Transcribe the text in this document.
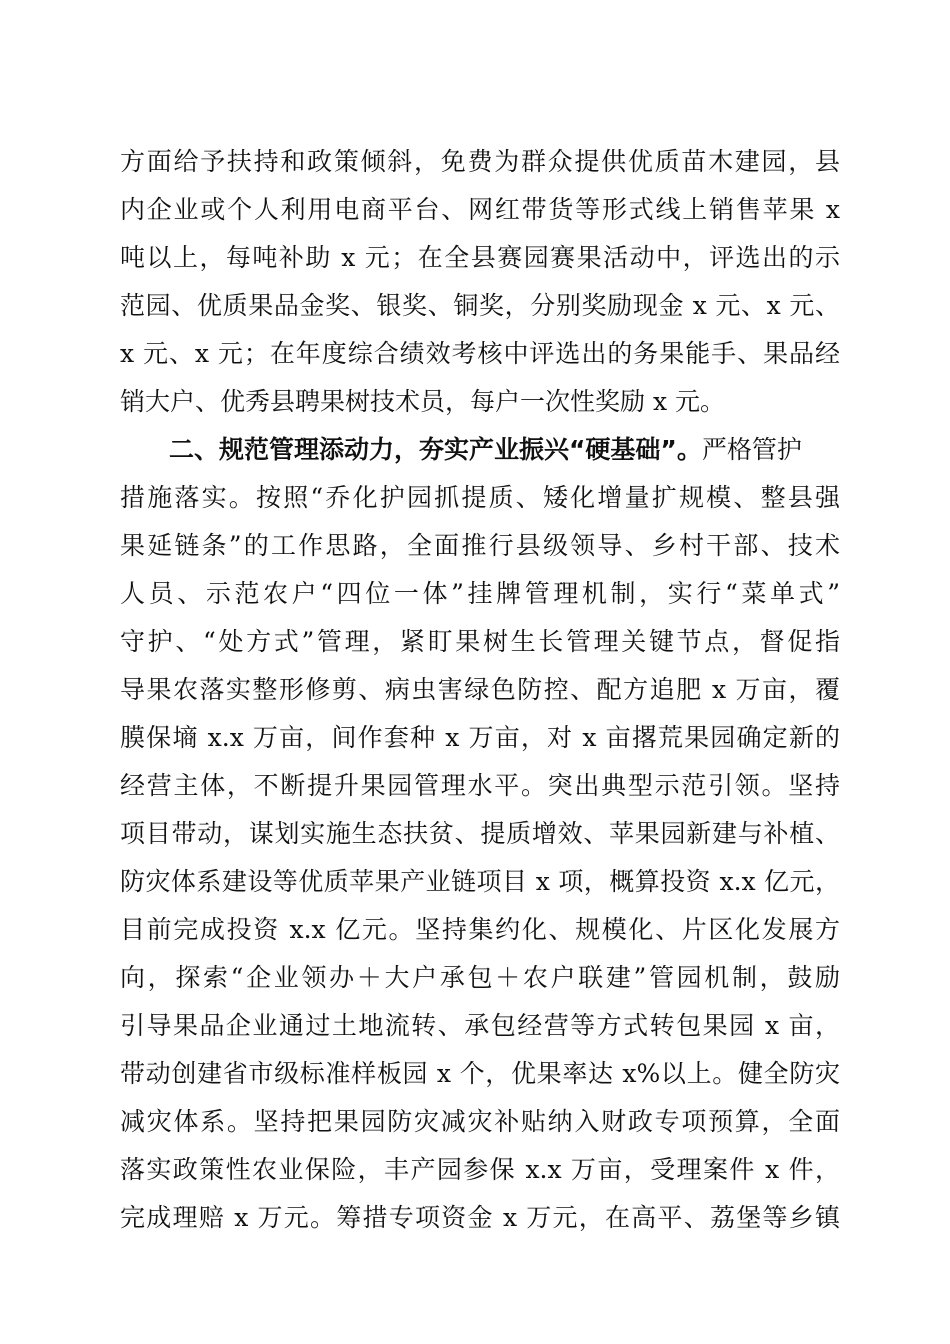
方面给予扶持和政策倾斜，免费为群众提供优质苗木建园，县
内企业或个人利用电商平台、网红带货等形式线上销售苹果 x
吨以上，每吨补助 x 元；在全县赛园赛果活动中，评选出的示
范园、优质果品金奖、银奖、铜奖，分别奖励现金 x 元、x 元、
x 元、x 元；在年度综合绩效考核中评选出的务果能手、果品经
销大户、优秀县聘果树技术员，每户一次性奖励 x 元。
二、规范管理添动力，夯实产业振兴“硬基础”。严格管护
措施落实。按照“乔化护园抓提质、矮化增量扩规模、整县强
果延链条”的工作思路，全面推行县级领导、乡村干部、技术
人员、示范农户“四位一体”挂牌管理机制，实行“菜单式”
守护、“处方式”管理，紧盯果树生长管理关键节点，督促指
导果农落实整形修剪、病虫害绿色防控、配方追肥 x 万亩，覆
膜保墒 x.x 万亩，间作套种 x 万亩，对 x 亩撂荒果园确定新的
经营主体，不断提升果园管理水平。突出典型示范引领。坚持
项目带动，谋划实施生态扶贫、提质增效、苹果园新建与补植、
防灾体系建设等优质苹果产业链项目 x 项，概算投资 x.x 亿元，
目前完成投资 x.x 亿元。坚持集约化、规模化、片区化发展方
向，探索“企业领办＋大户承包＋农户联建”管园机制，鼓励
引导果品企业通过土地流转、承包经营等方式转包果园 x 亩，
带动创建省市级标准样板园 x 个，优果率达 x%以上。健全防灾
减灾体系。坚持把果园防灾减灾补贴纳入财政专项预算，全面
落实政策性农业保险，丰产园参保 x.x 万亩，受理案件 x 件，
完成理赔 x 万元。筹措专项资金 x 万元，在高平、荔堡等乡镇
